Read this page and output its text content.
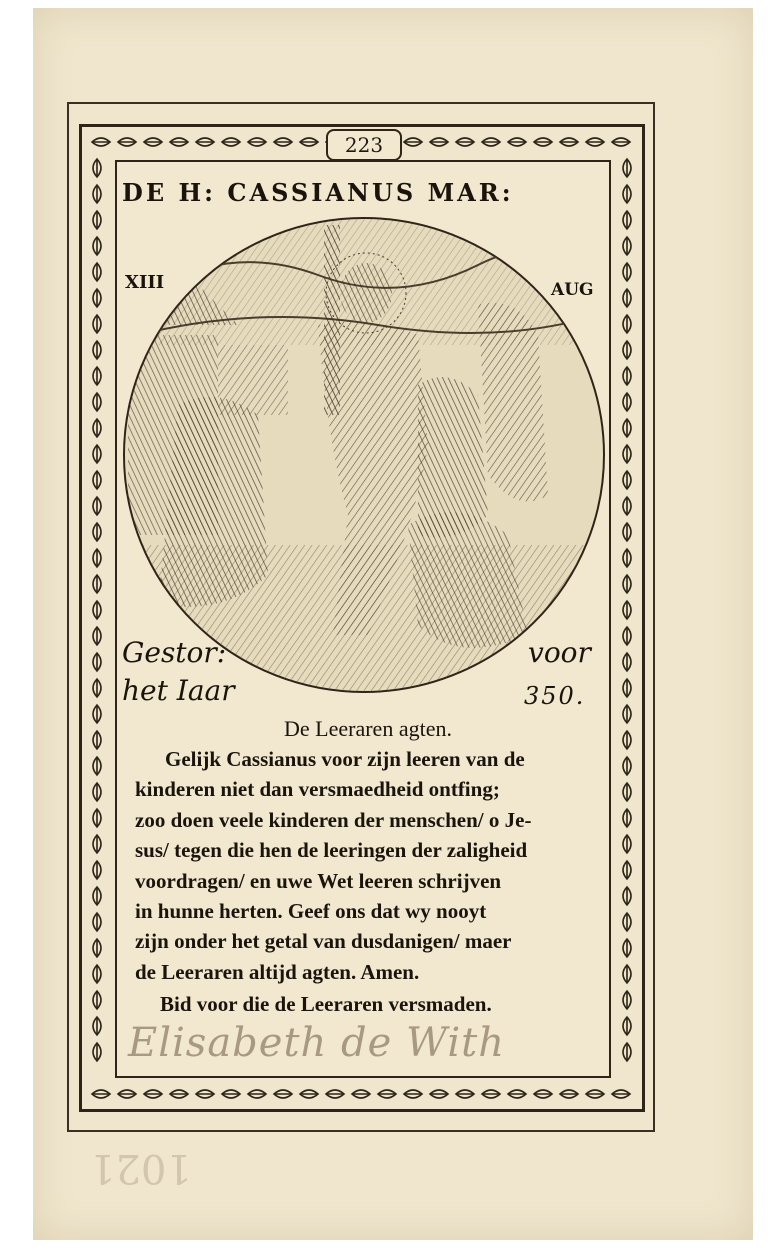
223
DE H: CASSIANUS MAR:
XIII	AUG
Gestor:
het Iaar
voor
350.
De Leeraren agten.
Gelijk Cassianus voor zijn leeren van de
kinderen niet dan versmaedheid ontfing;
zoo doen veele kinderen der menschen/ o Je-
sus/ tegen die hen de leeringen der zaligheid
voordragen/ en uwe Wet leeren schrijven
in hunne herten. Geef ons dat wy nooyt
zijn onder het getal van dusdanigen/ maer
de Leeraren altijd agten. Amen.
Bid voor die de Leeraren versmaden.
Elisabeth de With
1021
